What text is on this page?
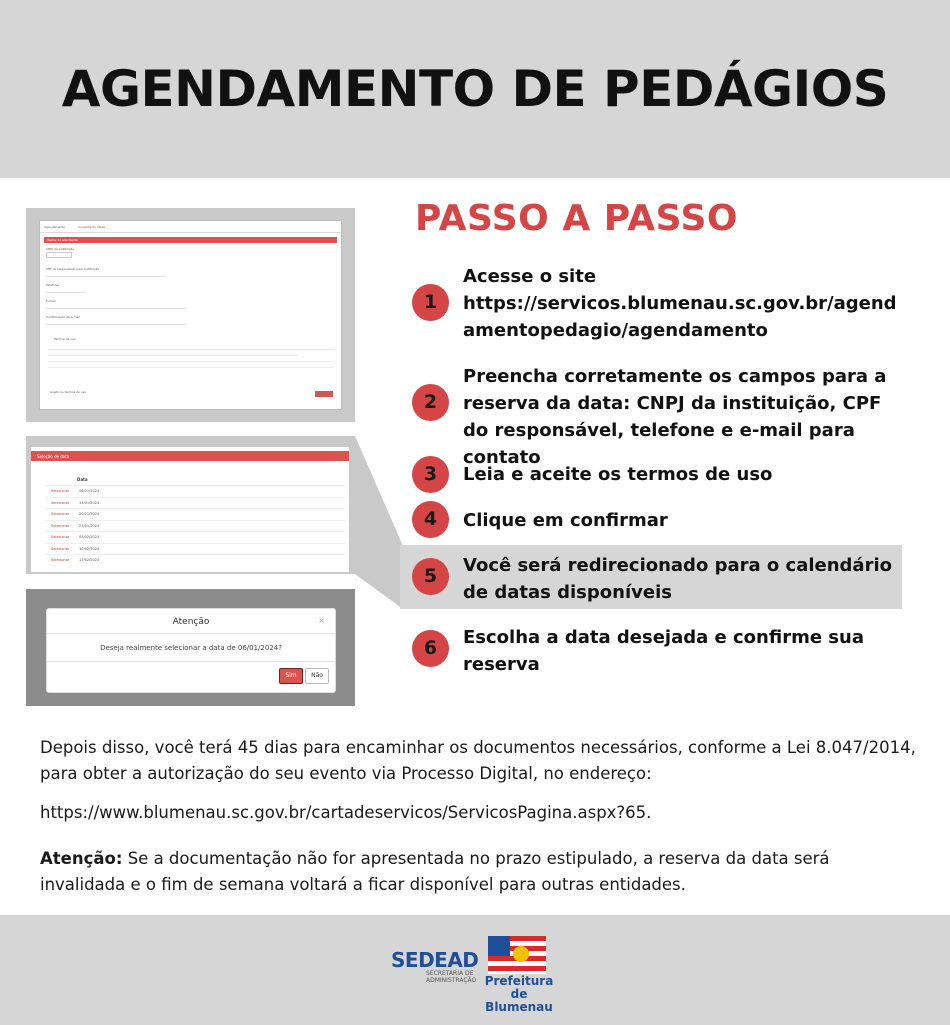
AGENDAMENTO DE PEDÁGIOS
Agendamento	Consulta de datas
Dados do solicitante
CNPJ da instituição
CPF do responsável pela instituição
Telefone
E-mail
Confirmação de e-mail
Termos de uso
Aceito os termos de uso
Seleção de data
Data
Selecionar	06/01/2024
Selecionar	13/01/2024
Selecionar	20/01/2024
Selecionar	27/01/2024
Selecionar	03/02/2024
Selecionar	10/02/2024
Selecionar	17/02/2024
Atenção	×
Deseja realmente selecionar a data de 06/01/2024?
Sim	Não
PASSO A PASSO
1
Acesse o site
https://servicos.blumenau.sc.gov.br/agendamentopedagio/agendamento
2
Preencha corretamente os campos para a reserva da data: CNPJ da instituição, CPF do responsável, telefone e e-mail para contato
3	Leia e aceite os termos de uso
4	Clique em confirmar
5	Você será redirecionado para o calendário de datas disponíveis
6	Escolha a data desejada e confirme sua reserva
Depois disso, você terá 45 dias para encaminhar os documentos necessários, conforme a Lei 8.047/2014, para obter a autorização do seu evento via Processo Digital, no endereço:
https://www.blumenau.sc.gov.br/cartadeservicos/ServicosPagina.aspx?65.
Atenção: Se a documentação não for apresentada no prazo estipulado, a reserva da data será invalidada e o fim de semana voltará a ficar disponível para outras entidades.
SEDEAD
SECRETARIA DE
ADMINISTRAÇÃO Prefeitura
de Blumenau
